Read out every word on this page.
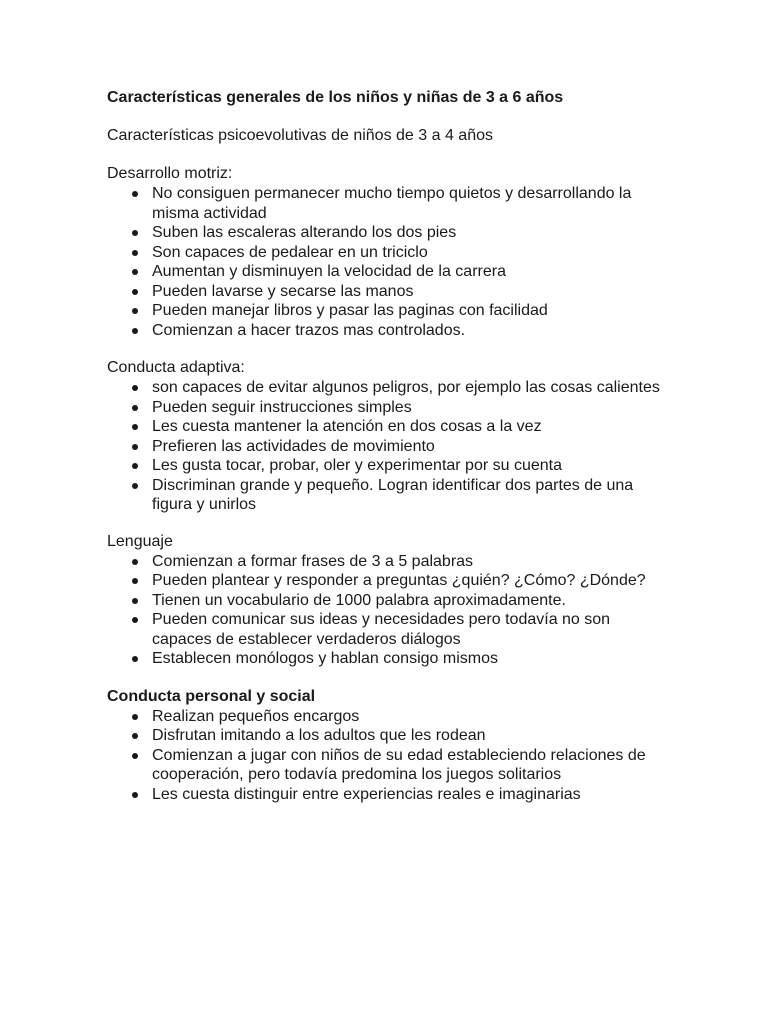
Características generales de los niños y niñas de 3 a 6 años

Características psicoevolutivas de niños de 3 a 4 años

Desarrollo motriz:

No consiguen permanecer mucho tiempo quietos y desarrollando la misma actividad
Suben las escaleras alterando los dos pies
Son capaces de pedalear en un triciclo
Aumentan y disminuyen la velocidad de la carrera
Pueden lavarse y secarse las manos
Pueden manejar libros y pasar las paginas con facilidad
Comienzan a hacer trazos mas controlados.

Conducta adaptiva:

son capaces de evitar algunos peligros, por ejemplo las cosas calientes
Pueden seguir instrucciones simples
Les cuesta mantener la atención en dos cosas a la vez
Prefieren las actividades de movimiento
Les gusta tocar, probar, oler y experimentar por su cuenta
Discriminan grande y pequeño. Logran identificar dos partes de una figura y unirlos

Lenguaje

Comienzan a formar frases de 3 a 5 palabras
Pueden plantear y responder a preguntas ¿quién? ¿Cómo? ¿Dónde?
Tienen un vocabulario de 1000 palabra aproximadamente.
Pueden comunicar sus ideas y necesidades pero todavía no son capaces de establecer verdaderos diálogos
Establecen monólogos y hablan consigo mismos

Conducta personal y social

Realizan pequeños encargos
Disfrutan imitando a los adultos que les rodean
Comienzan a jugar con niños de su edad estableciendo relaciones de cooperación, pero todavía predomina los juegos solitarios
Les cuesta distinguir entre experiencias reales e imaginarias
